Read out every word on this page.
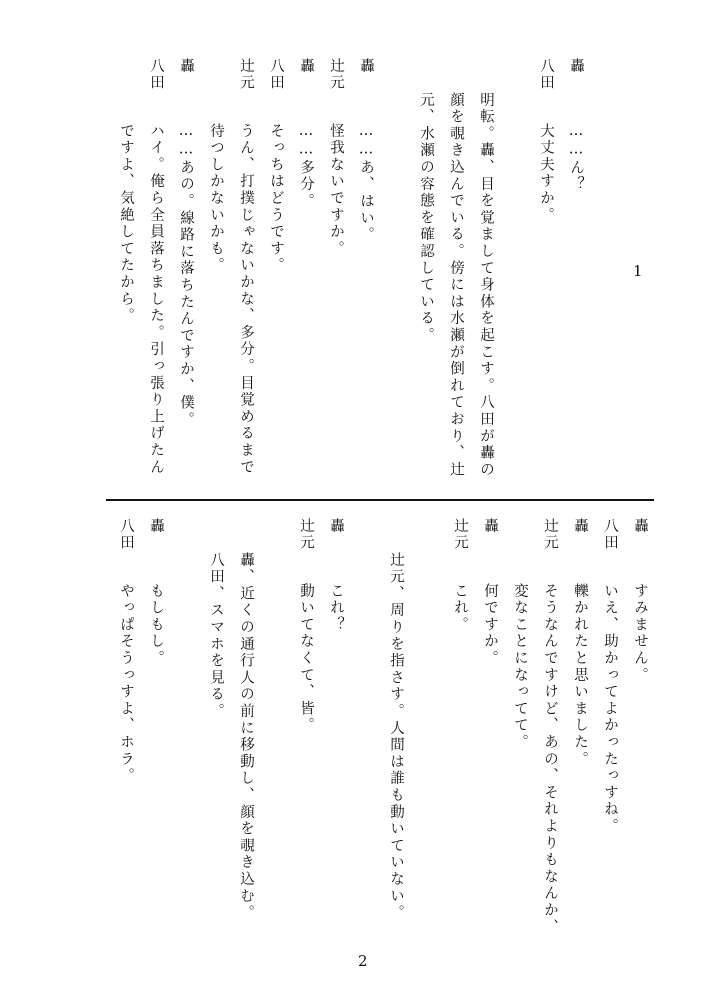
轟
……ん？
八田
大丈夫すか。
明転。轟、目を覚まして身体を起こす。八田が轟の
顔を覗き込んでいる。傍には水瀬が倒れており、辻
元、水瀬の容態を確認している。
轟
……あ、はい。
辻元
怪我ないですか。
轟
……多分。
八田
そっちはどうです。
辻元
うん、打撲じゃないかな、多分。目覚めるまで
待つしかないかも。
轟
……あの。線路に落ちたんですか、僕。
八田
ハイ。俺ら全員落ちました。引っ張り上げたん
ですよ、気絶してたから。	1
轟
すみません。
八田
いえ、助かってよかったっすね。
轟
轢かれたと思いました。
辻元
そうなんですけど、あの、それよりもなんか、
変なことになってて。
轟
何ですか。
辻元
これ。
辻元、周りを指さす。人間は誰も動いていない。
轟
これ？
辻元
動いてなくて、皆。
轟、近くの通行人の前に移動し、顔を覗き込む。
八田、スマホを見る。
轟
もしもし。
八田
やっぱそうっすよ、ホラ。
2
